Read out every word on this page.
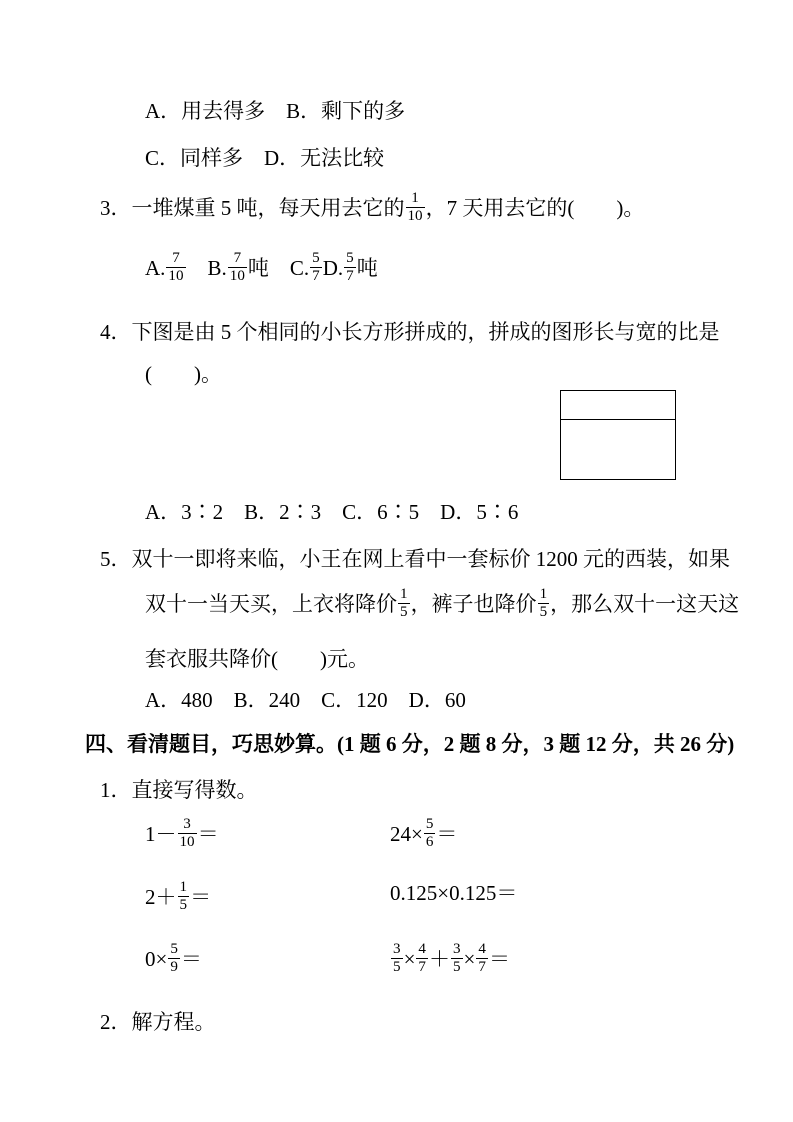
A．用去得多　B．剩下的多
C．同样多　D．无法比较
3．一堆煤重 5 吨，每天用去它的 $\frac{1}{10}$ ，7 天用去它的(　　)。
A. $\frac{7}{10}$ 　B. $\frac{7}{10}$ 吨　C. $\frac{5}{7} D$. $\frac{5}{7}$ 吨
4．下图是由 5 个相同的小长方形拼成的，拼成的图形长与宽的比是
(　　)。
A．3∶2　B．2∶3　C．6∶5　D．5∶6
5．双十一即将来临，小王在网上看中一套标价 1200 元的西装，如果
双十一当天买，上衣将降价 $\frac{1}{5}$ ，裤子也降价 $\frac{1}{5}$ ，那么双十一这天这
套衣服共降价(　　)元。
A．480　B．240　C．120　D．60
四、看清题目，巧思妙算。(1 题 6 分，2 题 8 分，3 题 12 分，共 26 分)
1．直接写得数。
$1- \frac{3}{10}$ ＝	$24\times \frac{5}{6}$ ＝
$2+ \frac{1}{5}$ ＝	0.125×0.125＝
$0\times \frac{5}{9}$ ＝	$\frac{3}{5} \times \frac{4}{7} + \frac{3}{5} \times \frac{4}{7}$ ＝
2．解方程。
